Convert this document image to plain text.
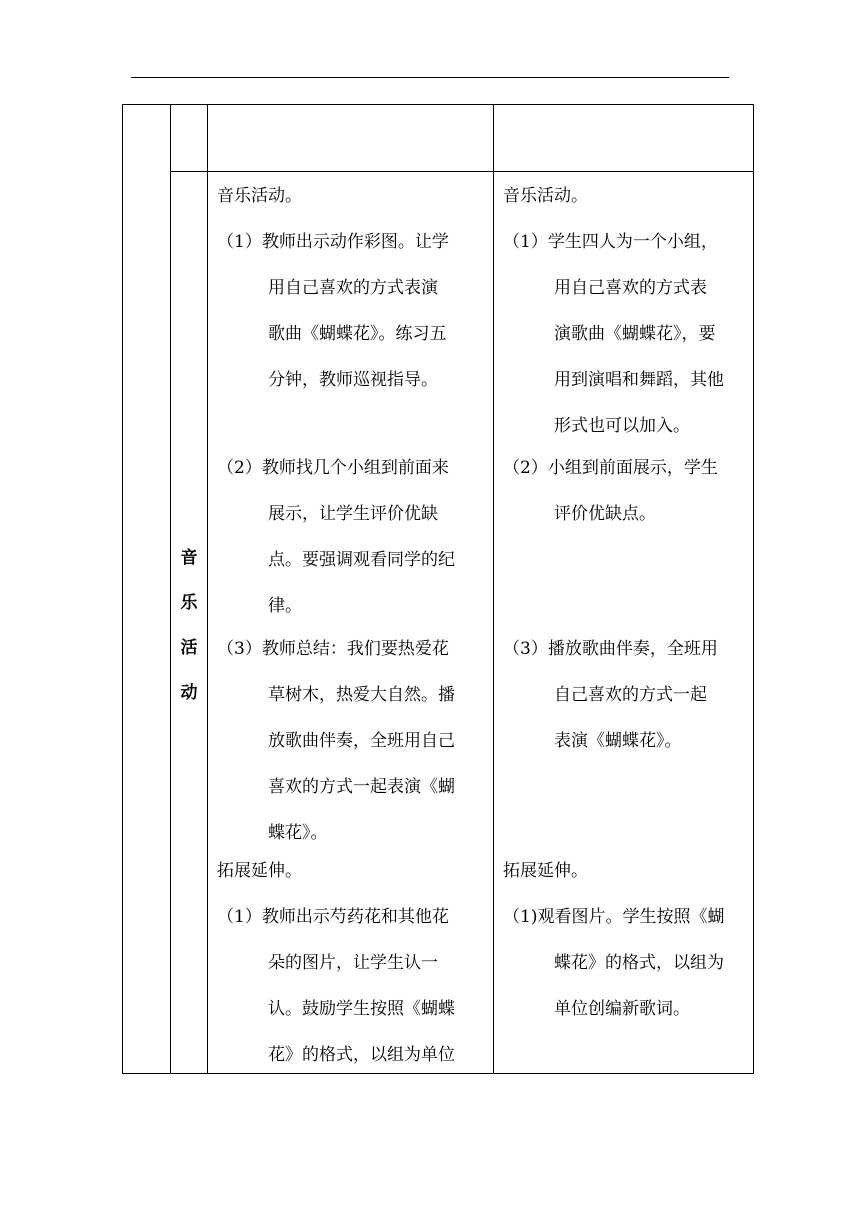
音
乐
活
动
音乐活动。
（1）教师出示动作彩图。让学
用自己喜欢的方式表演
歌曲《蝴蝶花》。练习五
分钟，教师巡视指导。
（2）教师找几个小组到前面来
展示，让学生评价优缺
点。要强调观看同学的纪
律。
（3）教师总结：我们要热爱花
草树木，热爱大自然。播
放歌曲伴奏，全班用自己
喜欢的方式一起表演《蝴
蝶花》。
拓展延伸。
（1）教师出示芍药花和其他花
朵的图片，让学生认一
认。鼓励学生按照《蝴蝶
花》的格式，以组为单位
音乐活动。
（1）学生四人为一个小组，
用自己喜欢的方式表
演歌曲《蝴蝶花》，要
用到演唱和舞蹈，其他
形式也可以加入。
（2）小组到前面展示，学生
评价优缺点。
（3）播放歌曲伴奏，全班用
自己喜欢的方式一起
表演《蝴蝶花》。
拓展延伸。
（1)观看图片。学生按照《蝴
蝶花》的格式，以组为
单位创编新歌词。
